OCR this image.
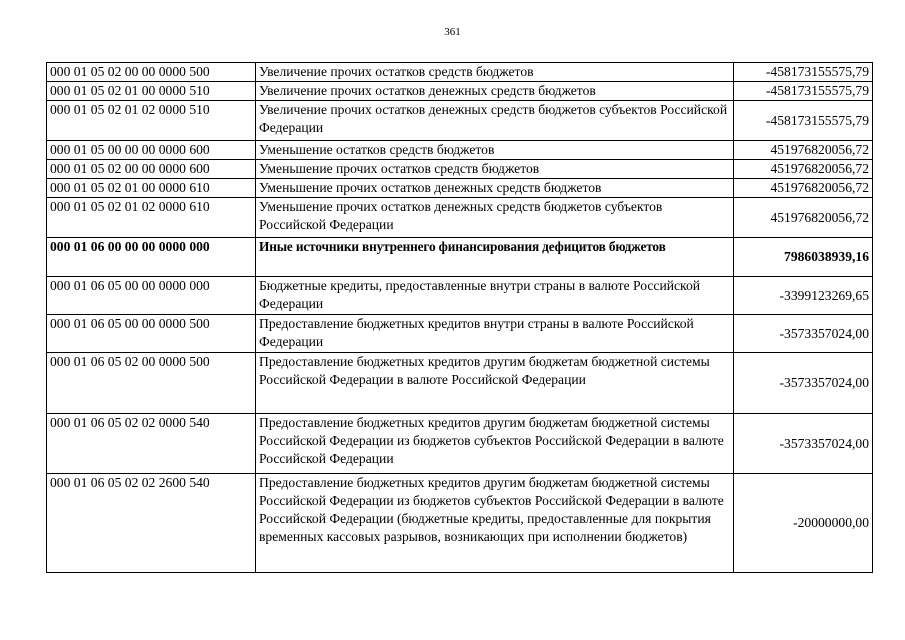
361
000 01 05 02 00 00 0000 500	Увеличение прочих остатков средств бюджетов	-458173155575,79
000 01 05 02 01 00 0000 510	Увеличение прочих остатков денежных средств бюджетов	-458173155575,79
000 01 05 02 01 02 0000 510	Увеличение прочих остатков денежных средств бюджетов субъектов Российской Федерации	-458173155575,79
000 01 05 00 00 00 0000 600	Уменьшение остатков средств бюджетов	451976820056,72
000 01 05 02 00 00 0000 600	Уменьшение прочих остатков средств бюджетов	451976820056,72
000 01 05 02 01 00 0000 610	Уменьшение прочих остатков денежных средств бюджетов	451976820056,72
000 01 05 02 01 02 0000 610	Уменьшение прочих остатков денежных средств бюджетов субъектов Российской Федерации	451976820056,72
000 01 06 00 00 00 0000 000	Иные источники внутреннего финансирования дефицитов бюджетов	7986038939,16
000 01 06 05 00 00 0000 000	Бюджетные кредиты, предоставленные внутри страны в валюте Российской Федерации	-3399123269,65
000 01 06 05 00 00 0000 500	Предоставление бюджетных кредитов внутри страны в валюте Российской Федерации	-3573357024,00
000 01 06 05 02 00 0000 500	Предоставление бюджетных кредитов другим бюджетам бюджетной системы Российской Федерации в валюте Российской Федерации	-3573357024,00
000 01 06 05 02 02 0000 540	Предоставление бюджетных кредитов другим бюджетам бюджетной системы Российской Федерации из бюджетов субъектов Российской Федерации в валюте Российской Федерации	-3573357024,00
000 01 06 05 02 02 2600 540	Предоставление бюджетных кредитов другим бюджетам бюджетной системы Российской Федерации из бюджетов субъектов Российской Федерации в валюте Российской Федерации (бюджетные кредиты, предоставленные для покрытия временных кассовых разрывов, возникающих при исполнении бюджетов)	-20000000,00
